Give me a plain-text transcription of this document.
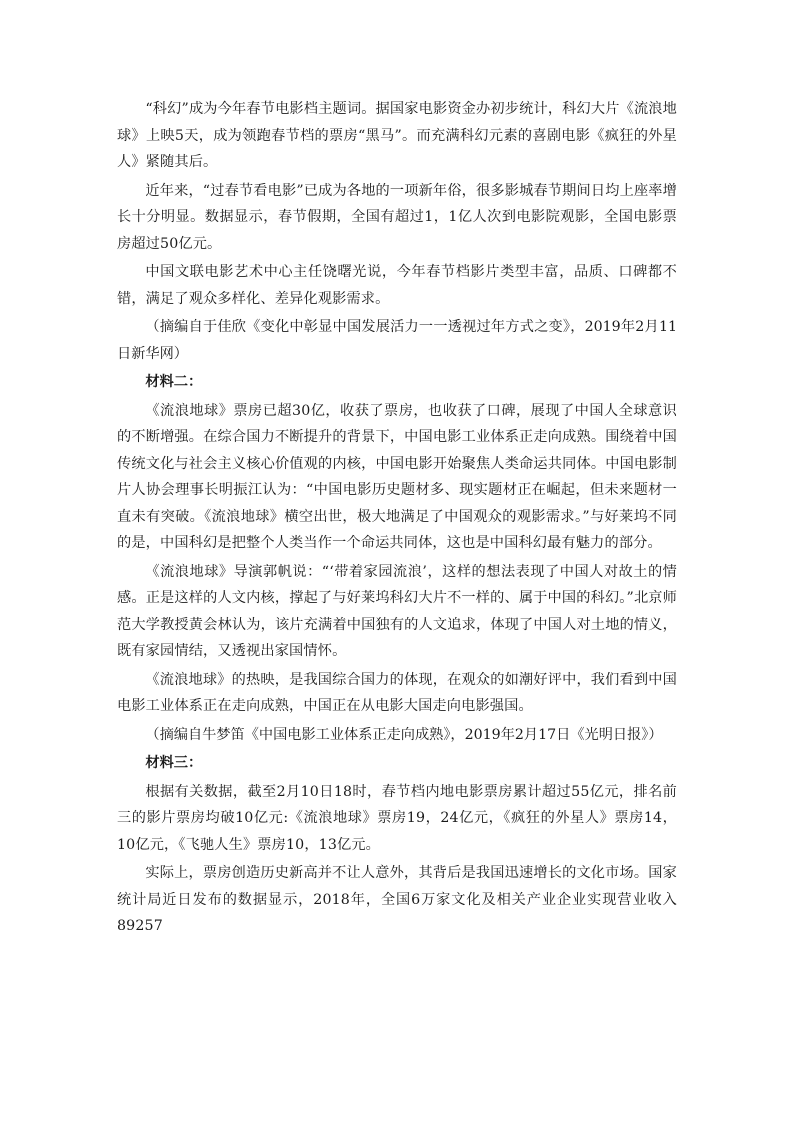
“科幻”成为今年春节电影档主题词。据国家电影资金办初步统计，科幻大片《流浪地球》上映5天，成为领跑春节档的票房“黑马”。而充满科幻元素的喜剧电影《疯狂的外星人》紧随其后。

近年来，“过春节看电影”已成为各地的一项新年俗，很多影城春节期间日均上座率增长十分明显。数据显示，春节假期，全国有超过1，1亿人次到电影院观影，全国电影票房超过50亿元。

中国文联电影艺术中心主任饶曙光说，今年春节档影片类型丰富，品质、口碑都不错，满足了观众多样化、差异化观影需求。

（摘编自于佳欣《变化中彰显中国发展活力一一透视过年方式之变》，2019年2月11日新华网）

材料二：

《流浪地球》票房已超30亿，收获了票房，也收获了口碑，展现了中国人全球意识的不断增强。在综合国力不断提升的背景下，中国电影工业体系正走向成熟。围绕着中国传统文化与社会主义核心价值观的内核，中国电影开始聚焦人类命运共同体。中国电影制片人协会理事长明振江认为：“中国电影历史题材多、现实题材正在崛起，但未来题材一直未有突破。《流浪地球》横空出世，极大地满足了中国观众的观影需求。”与好莱坞不同的是，中国科幻是把整个人类当作一个命运共同体，这也是中国科幻最有魅力的部分。

《流浪地球》导演郭帆说：“‘带着家园流浪’，这样的想法表现了中国人对故土的情感。正是这样的人文内核，撑起了与好莱坞科幻大片不一样的、属于中国的科幻。”北京师范大学教授黄会林认为，该片充满着中国独有的人文追求，体现了中国人对土地的情义，既有家园情结，又透视出家国情怀。

《流浪地球》的热映，是我国综合国力的体现，在观众的如潮好评中，我们看到中国电影工业体系正在走向成熟，中国正在从电影大国走向电影强国。

（摘编自牛梦笛《中国电影工业体系正走向成熟》，2019年2月17日《光明日报》）

材料三：

根据有关数据，截至2月10日18时，春节档内地电影票房累计超过55亿元，排名前三的影片票房均破10亿元:《流浪地球》票房19，24亿元，《疯狂的外星人》票房14，10亿元，《飞驰人生》票房10，13亿元。

实际上，票房创造历史新高并不让人意外，其背后是我国迅速增长的文化市场。国家统计局近日发布的数据显示，2018年，全国6万家文化及相关产业企业实现营业收入89257
